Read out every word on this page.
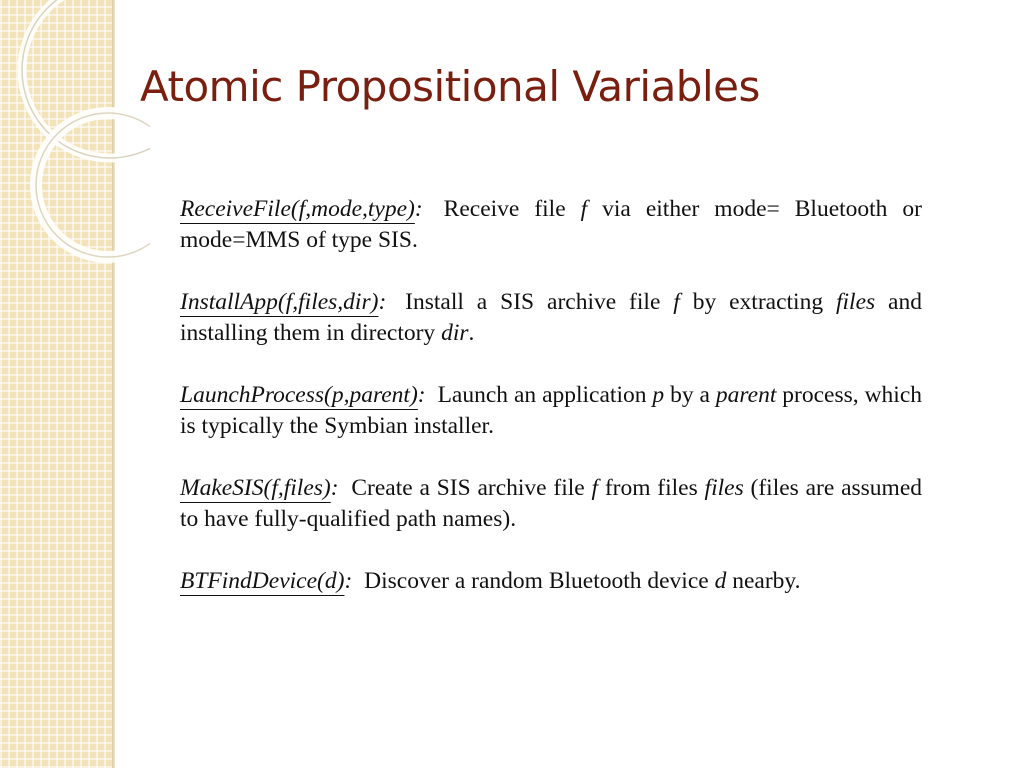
Atomic Propositional Variables

ReceiveFile(f,mode,type): Receive file f via either mode= Bluetooth or mode=MMS of type SIS.

InstallApp(f,files,dir): Install a SIS archive file f by extracting files and installing them in directory dir.

LaunchProcess(p,parent): Launch an application p by a parent process, which is typically the Symbian installer.

MakeSIS(f,files): Create a SIS archive file f from files files (files are assumed to have fully-qualified path names).

BTFindDevice(d): Discover a random Bluetooth device d nearby.
